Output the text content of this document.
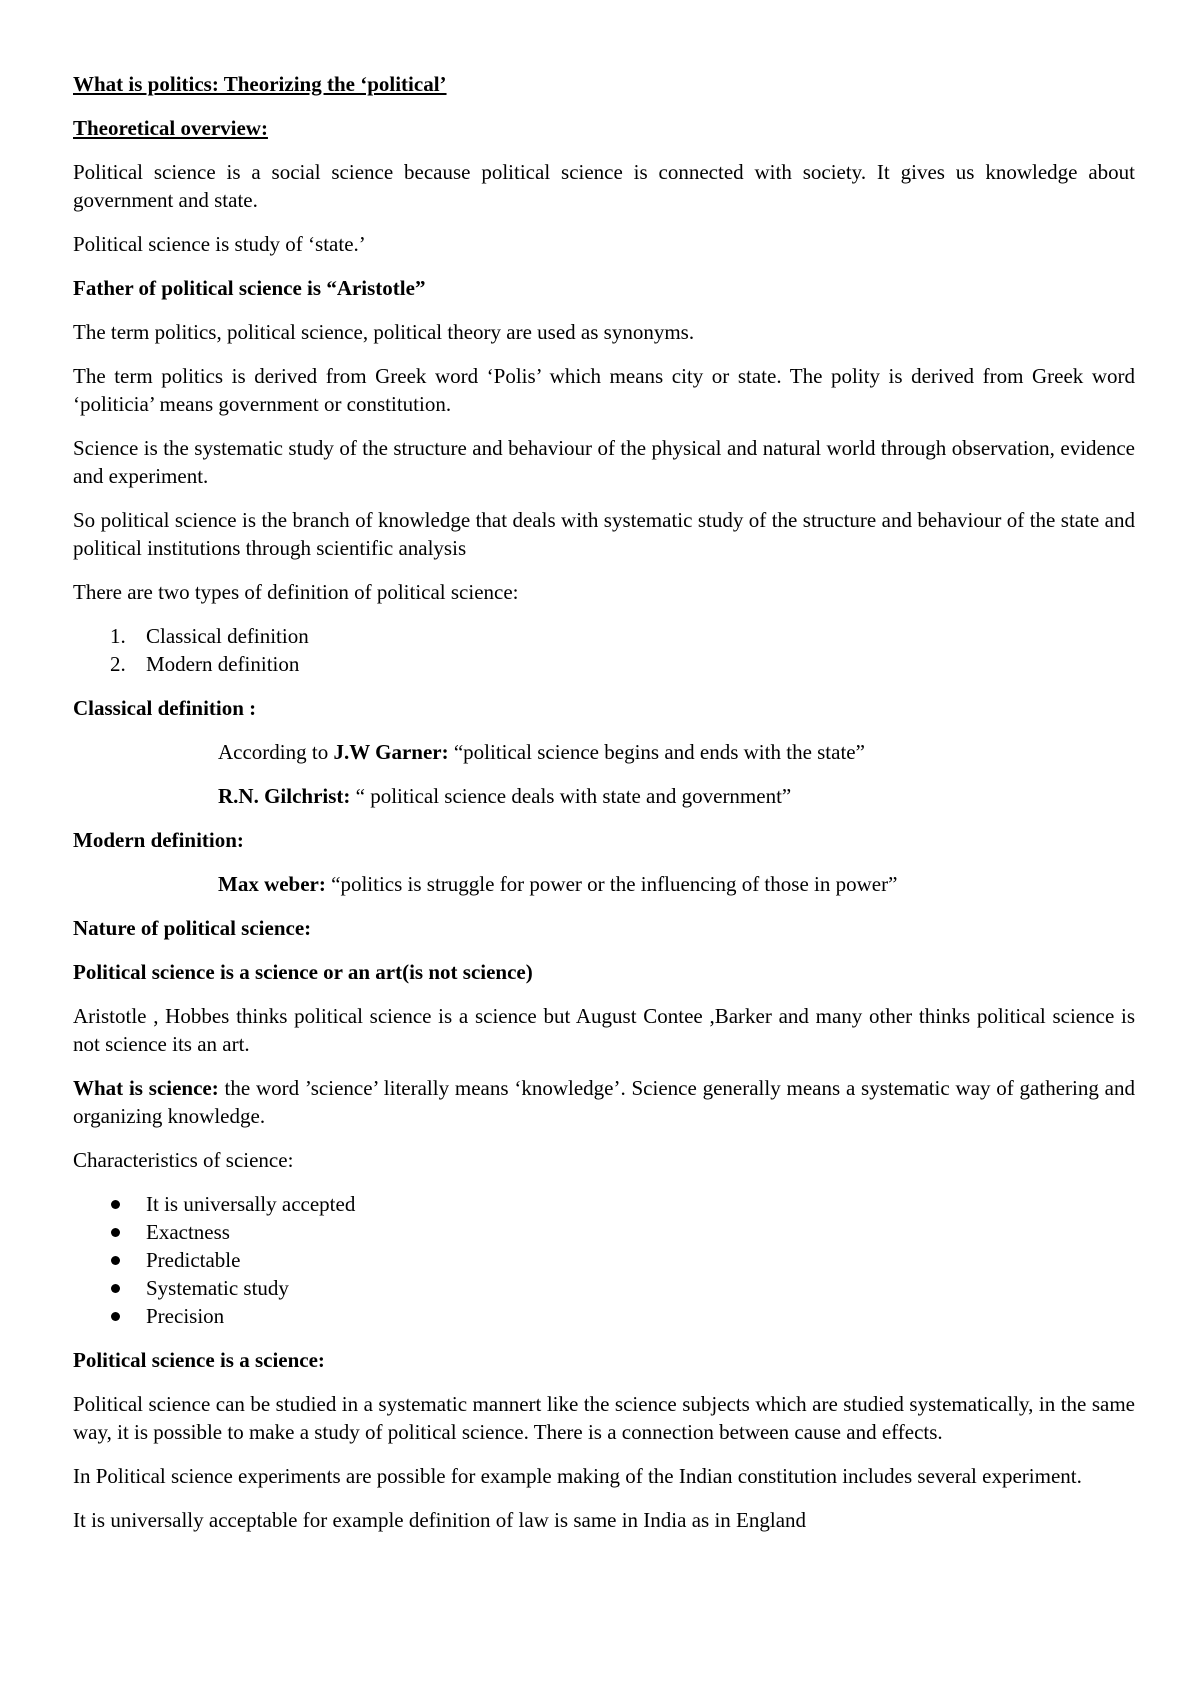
What is politics: Theorizing the ‘political’

Theoretical overview:

Political science is a social science because political science is connected with society. It gives us knowledge about government and state.

Political science is study of ‘state.’

Father of political science is “Aristotle”

The term politics, political science, political theory are used as synonyms.

The term politics is derived from Greek word ‘Polis’ which means city or state. The polity is derived from Greek word ‘politicia’ means government or constitution.

Science is the systematic study of the structure and behaviour of the physical and natural world through observation, evidence and experiment.

So political science is the branch of knowledge that deals with systematic study of the structure and behaviour of the state and political institutions through scientific analysis

There are two types of definition of political science:

1. Classical definition
2. Modern definition

Classical definition :

According to J.W Garner: “political science begins and ends with the state”

R.N. Gilchrist: “ political science deals with state and government”

Modern definition:

Max weber: “politics is struggle for power or the influencing of those in power”

Nature of political science:

Political science is a science or an art(is not science)

Aristotle , Hobbes thinks political science is a science but August Contee ,Barker and many other thinks political science is not science its an art.

What is science: the word ’science’ literally means ‘knowledge’. Science generally means a systematic way of gathering and organizing knowledge.

Characteristics of science:

It is universally accepted
Exactness
Predictable
Systematic study
Precision

Political science is a science:

Political science can be studied in a systematic mannert like the science subjects which are studied systematically, in the same way, it is possible to make a study of political science. There is a connection between cause and effects.

In Political science experiments are possible for example making of the Indian constitution includes several experiment.

It is universally acceptable for example definition of law is same in India as in England
